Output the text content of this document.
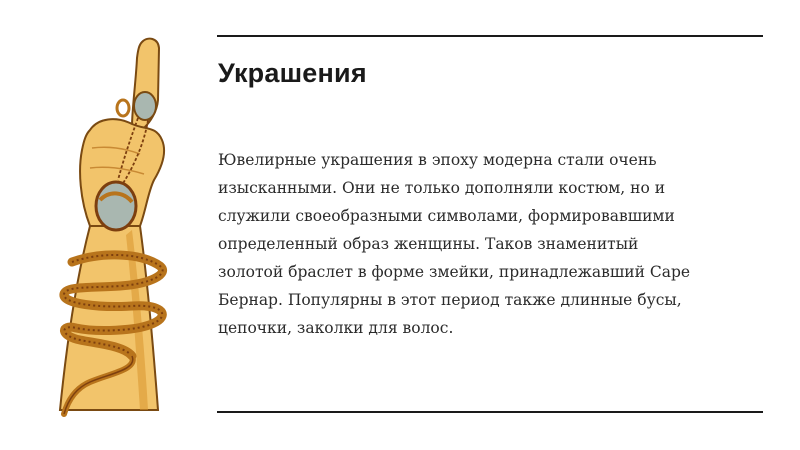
Украшения

Ювелирные украшения в эпоху модерна стали очень
изысканными. Они не только дополняли костюм, но и
служили своеобразными символами, формировавшими
определенный образ женщины. Таков знаменитый
золотой браслет в форме змейки, принадлежавший Саре
Бернар. Популярны в этот период также длинные бусы,
цепочки, заколки для волос.
